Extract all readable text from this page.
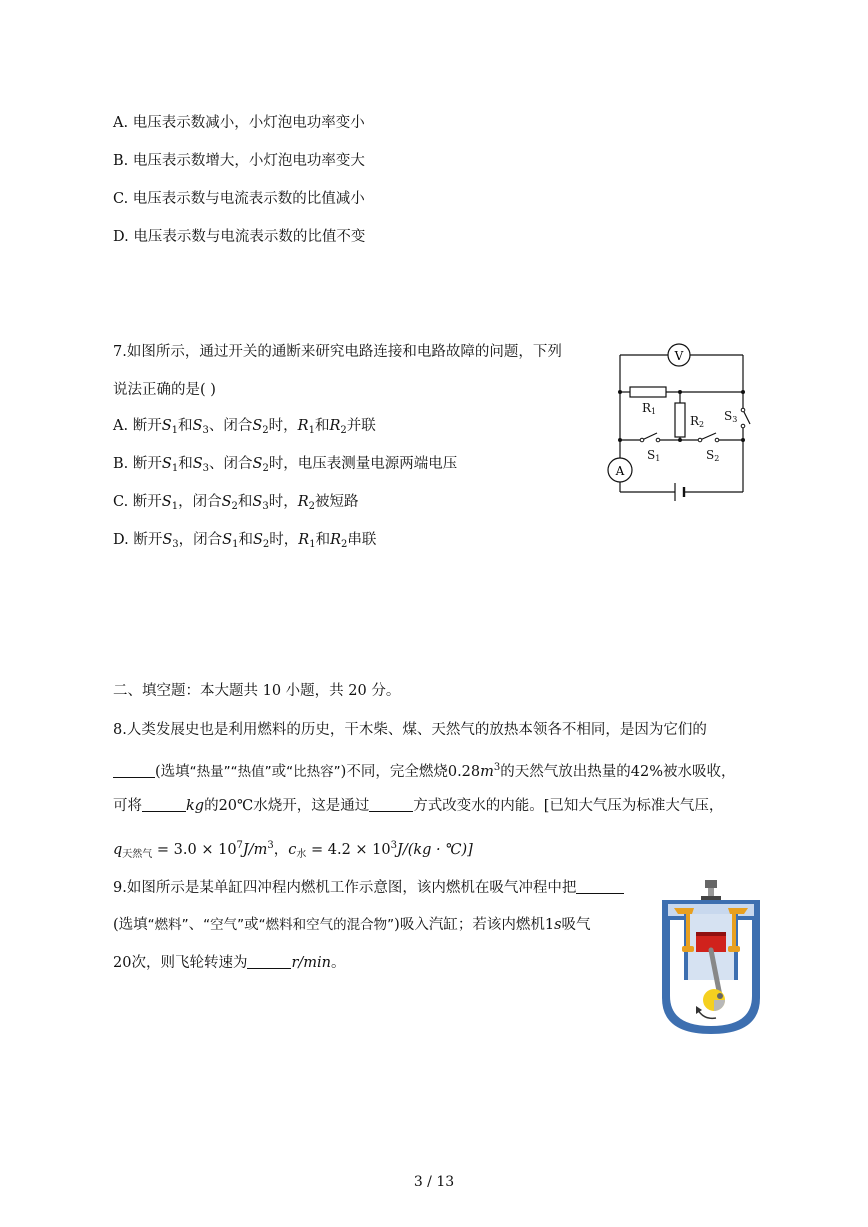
A. 电压表示数减小，小灯泡电功率变小
B. 电压表示数增大，小灯泡电功率变大
C. 电压表示数与电流表示数的比值减小
D. 电压表示数与电流表示数的比值不变
7.如图所示，通过开关的通断来研究电路连接和电路故障的问题，下列
说法正确的是( )
A. 断开$S_1$和$S_3$、闭合$S_2$时，$R_1$和$R_2$并联
B. 断开$S_1$和$S_3$、闭合$S_2$时，电压表测量电源两端电压
C. 断开$S_1$，闭合$S_2$和$S_3$时，$R_2$被短路
D. 断开$S_3$，闭合$S_1$和$S_2$时，$R_1$和$R_2$串联
V
A
R1
R2
S1	S2
S3
二、填空题：本大题共 10 小题，共 20 分。
8.人类发展史也是利用燃料的历史，干木柴、煤、天然气的放热本领各不相同，是因为它们的
(选填“热量”“热值”或“比热容”)不同，完全燃烧$0.28m^3$的天然气放出热量的42%被水吸收，
可将	kg的20℃水烧开，这是通过	方式改变水的内能。[已知大气压为标准大气压，
$q_{天然气} = 3.0 \times 10^7J/m^3$，$c_水 = 4.2 \times 10^3J/(kg$ · ℃)]
9.如图所示是某单缸四冲程内燃机工作示意图，该内燃机在吸气冲程中把
(选填“燃料”、“空气”或“燃料和空气的混合物”)吸入汽缸；若该内燃机1s吸气
20次，则飞轮转速为	r/min。
3 / 13
